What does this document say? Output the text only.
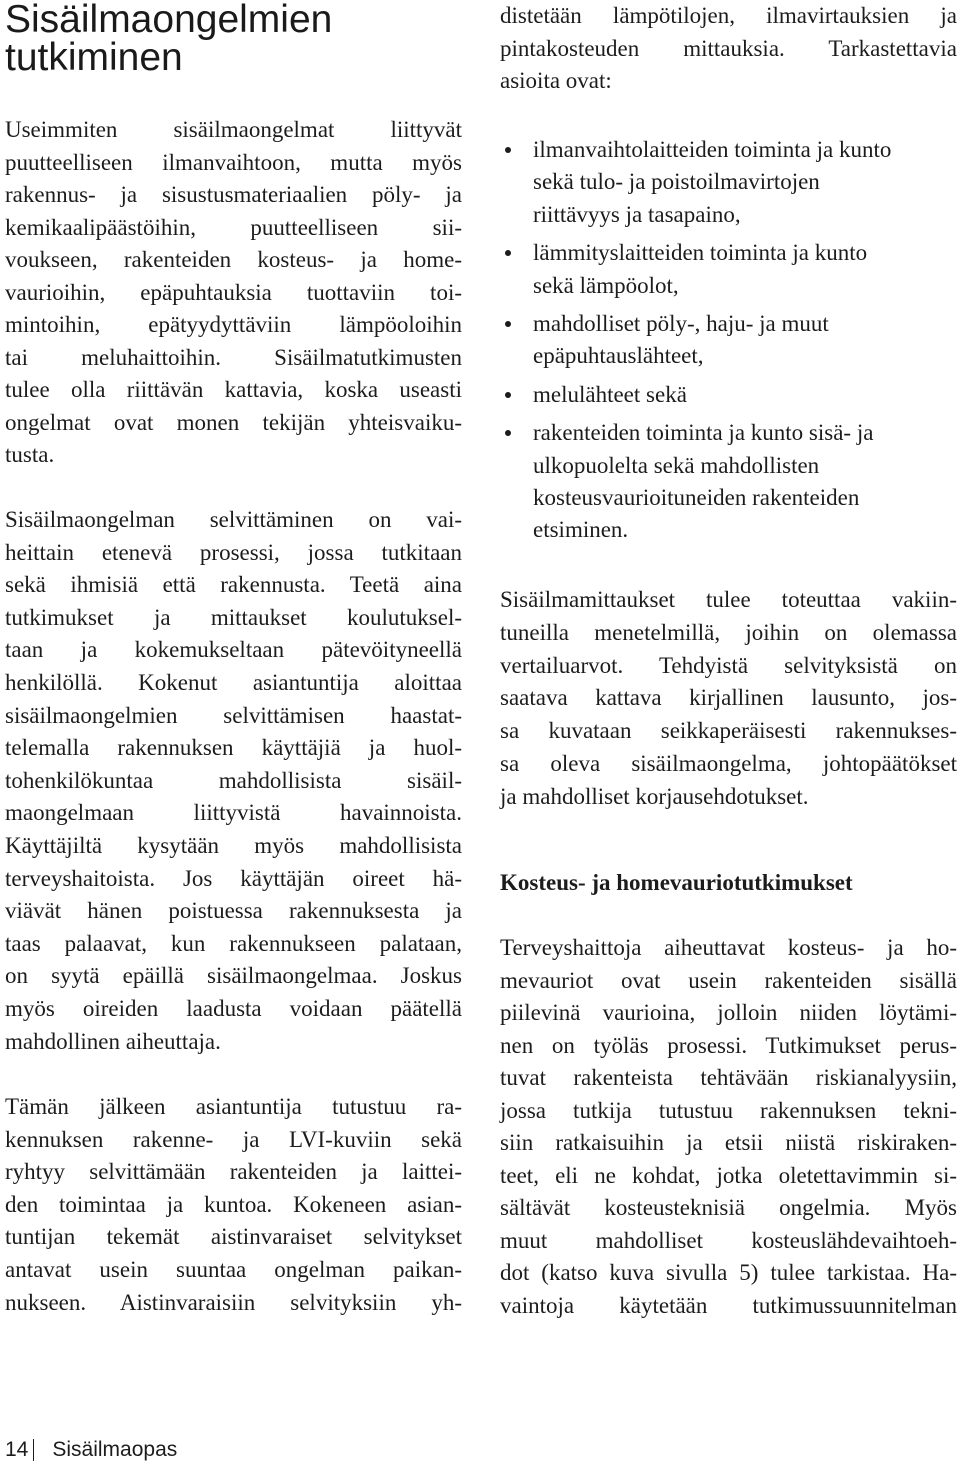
Sisäilmaongelmien
tutkiminen
Useimmiten sisäilmaongelmat liittyvät
puutteelliseen ilmanvaihtoon, mutta myös
rakennus- ja sisustusmateriaalien pöly- ja
kemikaalipäästöihin, puutteelliseen sii-
voukseen, rakenteiden kosteus- ja home-
vaurioihin, epäpuhtauksia tuottaviin toi-
mintoihin, epätyydyttäviin lämpöoloihin
tai meluhaittoihin. Sisäilmatutkimusten
tulee olla riittävän kattavia, koska useasti
ongelmat ovat monen tekijän yhteisvaiku-
tusta.
Sisäilmaongelman selvittäminen on vai-
heittain etenevä prosessi, jossa tutkitaan
sekä ihmisiä että rakennusta. Teetä aina
tutkimukset ja mittaukset koulutuksel-
taan ja kokemukseltaan pätevöityneellä
henkilöllä. Kokenut asiantuntija aloittaa
sisäilmaongelmien selvittämisen haastat-
telemalla rakennuksen käyttäjiä ja huol-
tohenkilökuntaa mahdollisista sisäil-
maongelmaan liittyvistä havainnoista.
Käyttäjiltä kysytään myös mahdollisista
terveyshaitoista. Jos käyttäjän oireet hä-
viävät hänen poistuessa rakennuksesta ja
taas palaavat, kun rakennukseen palataan,
on syytä epäillä sisäilmaongelmaa. Joskus
myös oireiden laadusta voidaan päätellä
mahdollinen aiheuttaja.
Tämän jälkeen asiantuntija tutustuu ra-
kennuksen rakenne- ja LVI-kuviin sekä
ryhtyy selvittämään rakenteiden ja laittei-
den toimintaa ja kuntoa. Kokeneen asian-
tuntijan tekemät aistinvaraiset selvitykset
antavat usein suuntaa ongelman paikan-
nukseen. Aistinvaraisiin selvityksiin yh-
distetään lämpötilojen, ilmavirtauksien ja
pintakosteuden mittauksia. Tarkastettavia
asioita ovat:
ilmanvaihtolaitteiden toiminta ja kunto
sekä tulo- ja poistoilmavirtojen
riittävyys ja tasapaino,
lämmityslaitteiden toiminta ja kunto
sekä lämpöolot,
mahdolliset pöly-, haju- ja muut
epäpuhtauslähteet,
melulähteet sekä
rakenteiden toiminta ja kunto sisä- ja
ulkopuolelta sekä mahdollisten
kosteusvaurioituneiden rakenteiden
etsiminen.
Sisäilmamittaukset tulee toteuttaa vakiin-
tuneilla menetelmillä, joihin on olemassa
vertailuarvot. Tehdyistä selvityksistä on
saatava kattava kirjallinen lausunto, jos-
sa kuvataan seikkaperäisesti rakennukses-
sa oleva sisäilmaongelma, johtopäätökset
ja mahdolliset korjausehdotukset.
Kosteus- ja homevauriotutkimukset
Terveyshaittoja aiheuttavat kosteus- ja ho-
mevauriot ovat usein rakenteiden sisällä
piilevinä vaurioina, jolloin niiden löytämi-
nen on työläs prosessi. Tutkimukset perus-
tuvat rakenteista tehtävään riskianalyysiin,
jossa tutkija tutustuu rakennuksen tekni-
siin ratkaisuihin ja etsii niistä riskiraken-
teet, eli ne kohdat, jotka oletettavimmin si-
sältävät kosteusteknisiä ongelmia. Myös
muut mahdolliset kosteuslähdevaihtoeh-
dot (katso kuva sivulla 5) tulee tarkistaa. Ha-
vaintoja käytetään tutkimussuunnitelman
14 Sisäilmaopas
